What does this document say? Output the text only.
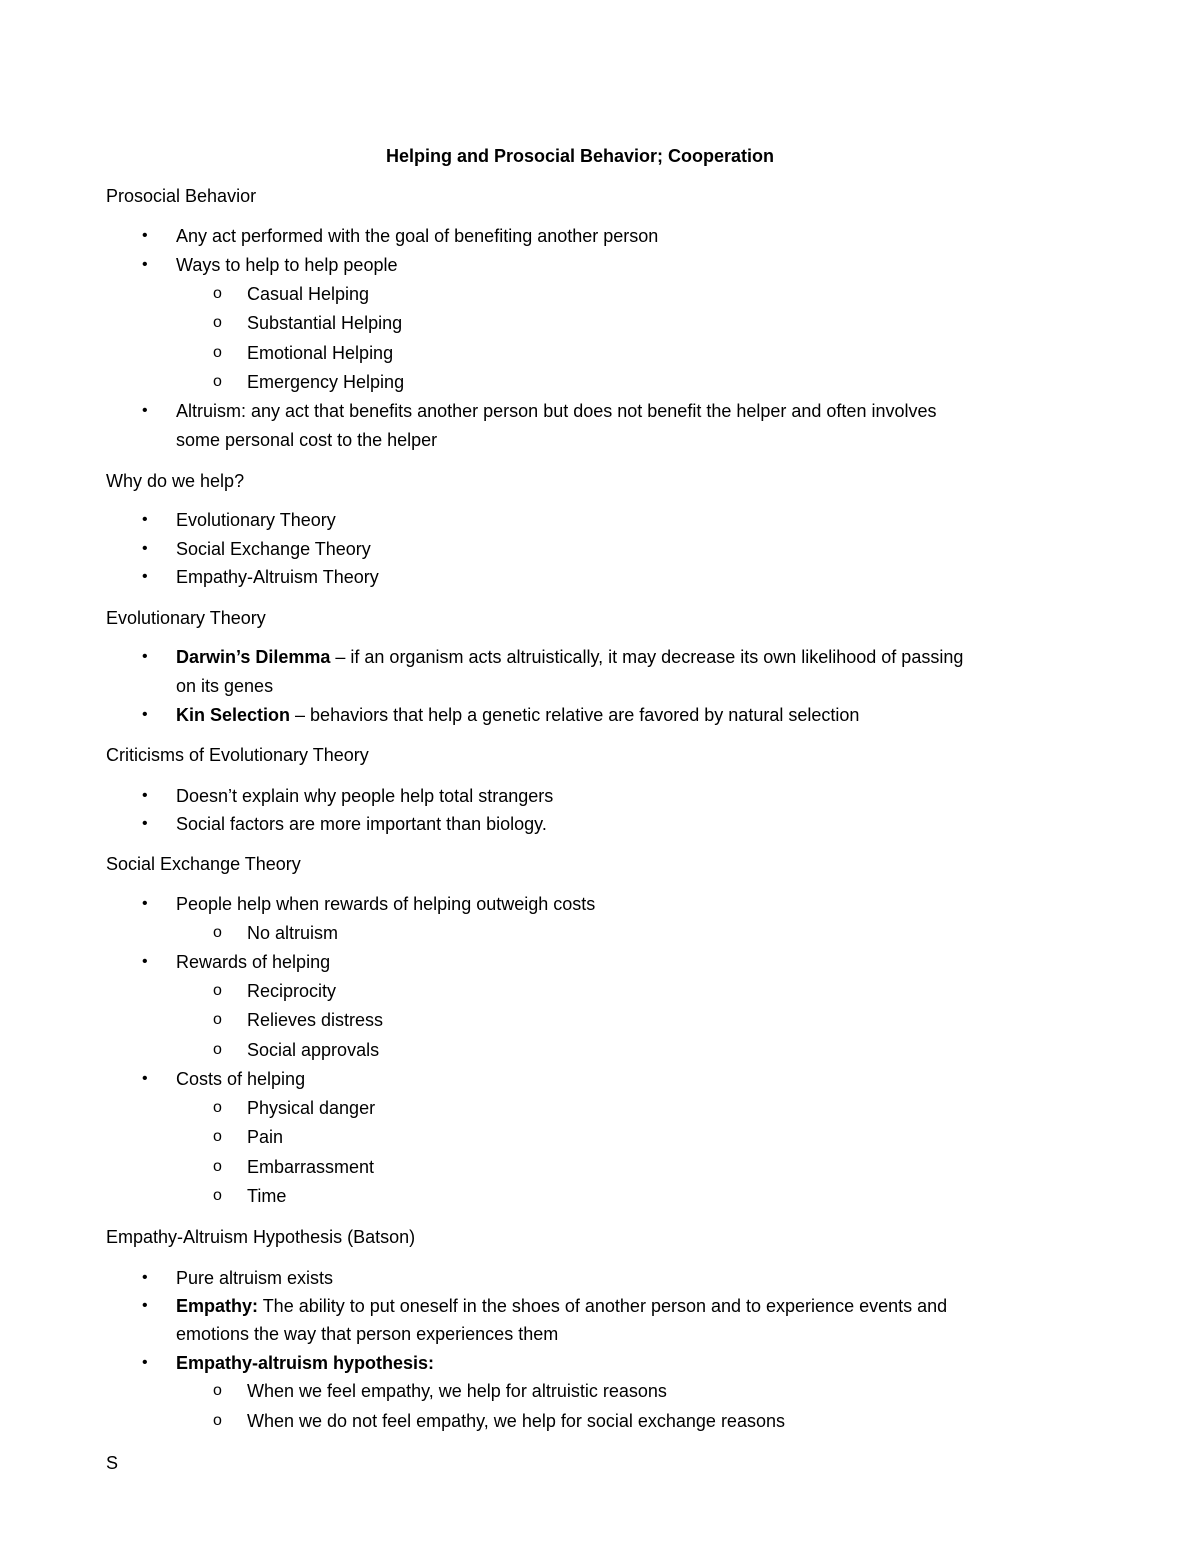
Helping and Prosocial Behavior; Cooperation
Prosocial Behavior
• Any act performed with the goal of benefiting another person
• Ways to help to help people
o Casual Helping
o Substantial Helping
o Emotional Helping
o Emergency Helping
• Altruism: any act that benefits another person but does not benefit the helper and often involves
some personal cost to the helper
Why do we help?
• Evolutionary Theory
• Social Exchange Theory
• Empathy-Altruism Theory
Evolutionary Theory
• Darwin’s Dilemma – if an organism acts altruistically, it may decrease its own likelihood of passing
on its genes
• Kin Selection – behaviors that help a genetic relative are favored by natural selection
Criticisms of Evolutionary Theory
• Doesn’t explain why people help total strangers
• Social factors are more important than biology.
Social Exchange Theory
• People help when rewards of helping outweigh costs
o No altruism
• Rewards of helping
o Reciprocity
o Relieves distress
o Social approvals
• Costs of helping
o Physical danger
o Pain
o Embarrassment
o Time
Empathy-Altruism Hypothesis (Batson)
• Pure altruism exists
• Empathy: The ability to put oneself in the shoes of another person and to experience events and
emotions the way that person experiences them
• Empathy-altruism hypothesis:
o When we feel empathy, we help for altruistic reasons
o When we do not feel empathy, we help for social exchange reasons
S
